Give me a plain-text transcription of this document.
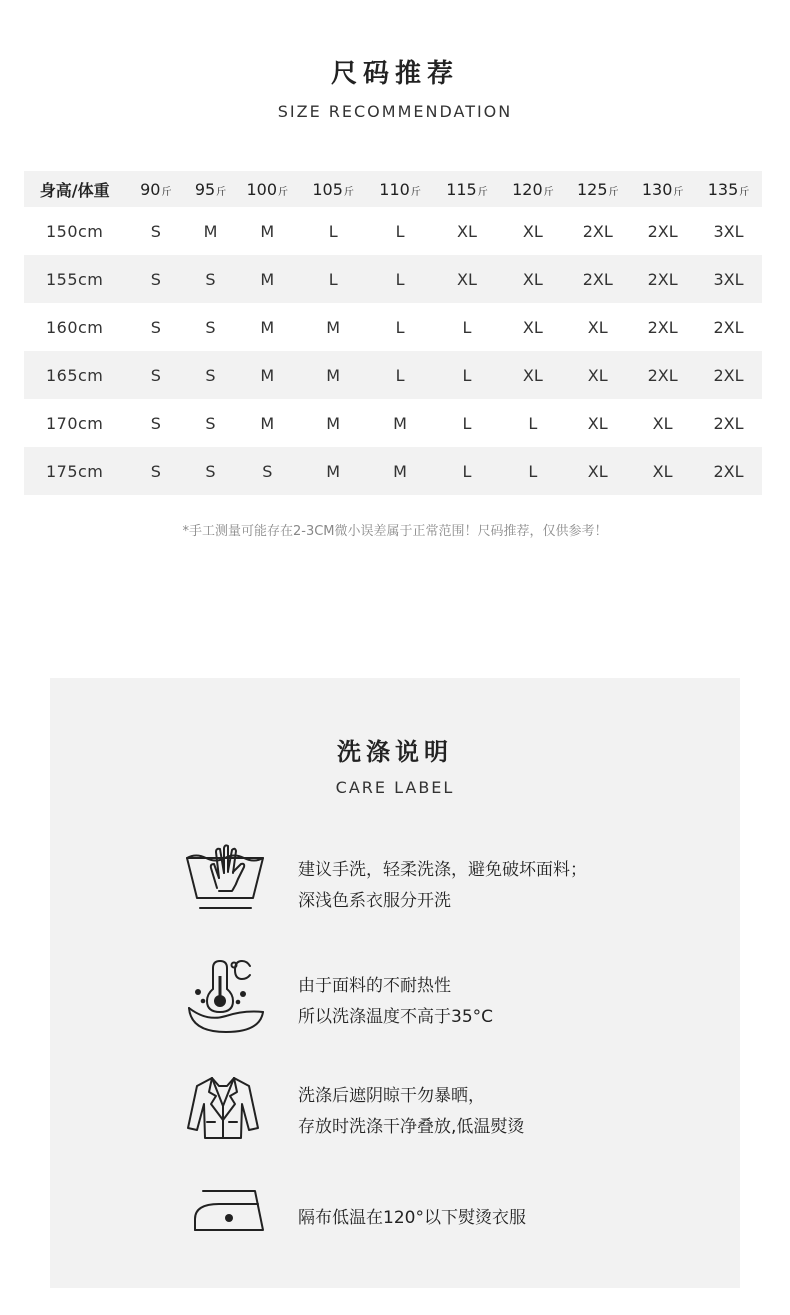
尺码推荐
SIZE RECOMMENDATION
身高/体重	90斤	95斤	100斤	105斤	110斤	115斤	120斤	125斤	130斤	135斤
150cm	S	M	M	L	L	XL	XL	2XL	2XL	3XL
155cm	S	S	M	L	L	XL	XL	2XL	2XL	3XL
160cm	S	S	M	M	L	L	XL	XL	2XL	2XL
165cm	S	S	M	M	L	L	XL	XL	2XL	2XL
170cm	S	S	M	M	M	L	L	XL	XL	2XL
175cm	S	S	S	M	M	L	L	XL	XL	2XL
*手工测量可能存在2-3CM微小误差属于正常范围！尺码推荐，仅供参考！
洗涤说明
CARE LABEL
建议手洗，轻柔洗涤，避免破坏面料；
深浅色系衣服分开洗
由于面料的不耐热性
所以洗涤温度不高于35°C
洗涤后遮阴晾干勿暴晒，
存放时洗涤干净叠放,低温熨烫
隔布低温在120°以下熨烫衣服
